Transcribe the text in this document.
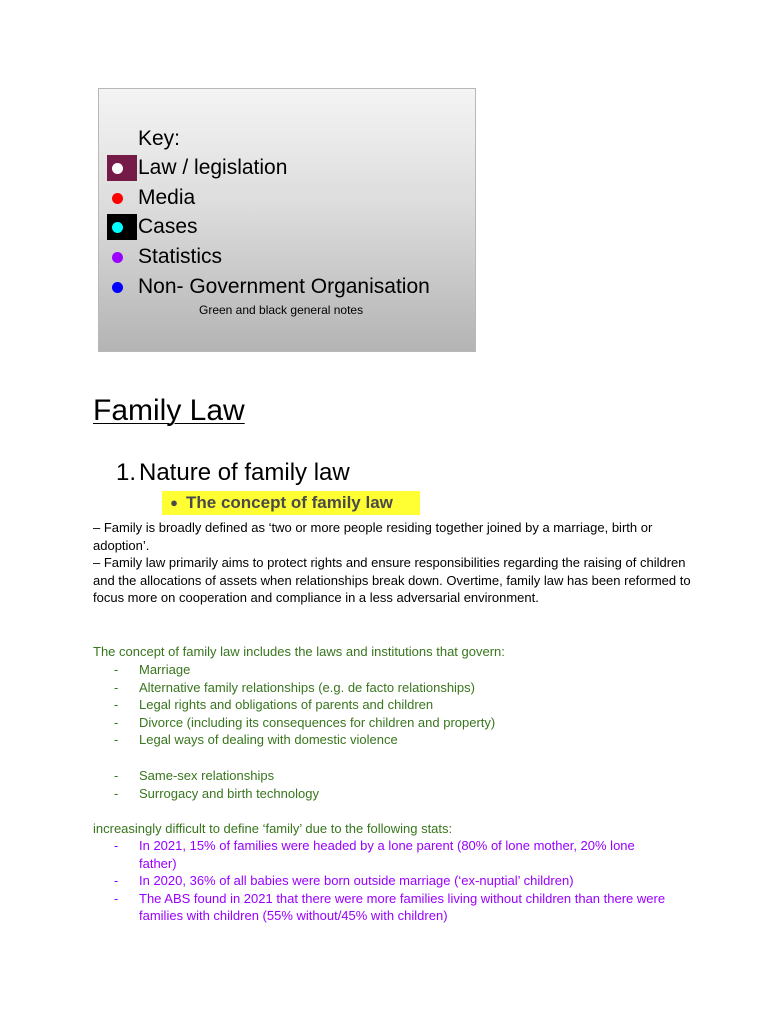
Key:
Law / legislation
Media
Cases
Statistics
Non- Government Organisation
Green and black general notes
Family Law
1. Nature of family law
● The concept of family law

– Family is broadly defined as ‘two or more people residing together joined by a marriage, birth or adoption’.

– Family law primarily aims to protect rights and ensure responsibilities regarding the raising of children and the allocations of assets when relationships break down. Overtime, family law has been reformed to focus more on cooperation and compliance in a less adversarial environment.

The concept of family law includes the laws and institutions that govern:

- Marriage
- Alternative family relationships (e.g. de facto relationships)
- Legal rights and obligations of parents and children
- Divorce (including its consequences for children and property)
- Legal ways of dealing with domestic violence
- Same-sex relationships
- Surrogacy and birth technology

increasingly difficult to define ‘family’ due to the following stats:

- In 2021, 15% of families were headed by a lone parent (80% of lone mother, 20% lone father)
- In 2020, 36% of all babies were born outside marriage (‘ex-nuptial’ children)
- The ABS found in 2021 that there were more families living without children than there were families with children (55% without/45% with children)
